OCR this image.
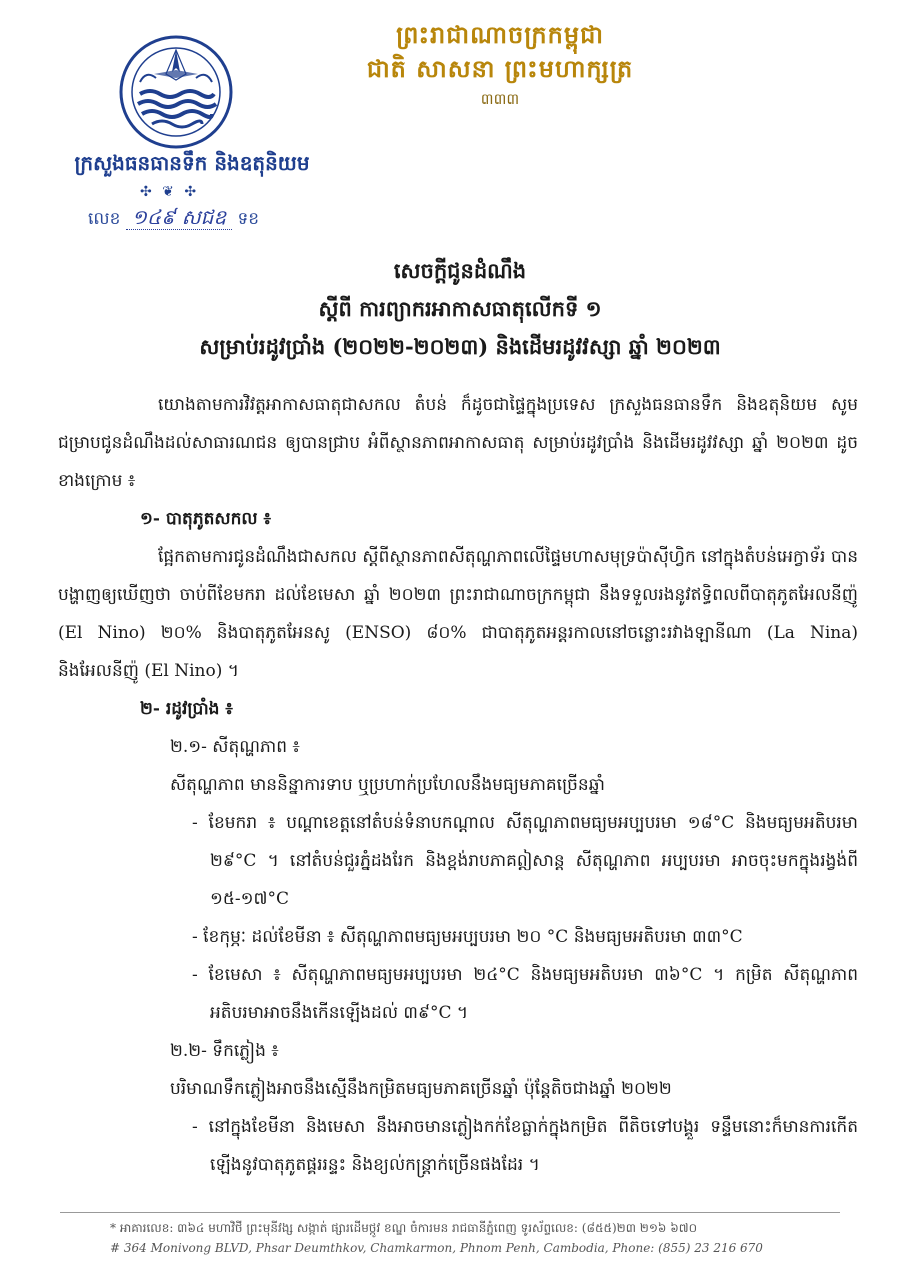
ព្រះរាជាណាចក្រកម្ពុជា
ជាតិ សាសនា ព្រះមហាក្សត្រ
៣៣៣
ក្រសួងធនធានទឹក និងឧតុនិយម
✣ ❦ ✣
លេខ ១៤៩ សជឧ ទខ
សេចក្តីជូនដំណឹង
ស្តីពី ការព្យាករអាកាសធាតុលើកទី ១
សម្រាប់រដូវប្រាំង (២០២២-២០២៣) និងដើមរដូវវស្សា ឆ្នាំ ២០២៣
យោងតាមការវិវត្តអាកាសធាតុជាសកល តំបន់ ក៏ដូចជាផ្ទៃក្នុងប្រទេស ក្រសួងធនធានទឹក និងឧតុនិយម សូមជម្រាបជូនដំណឹងដល់សាធារណជន ឲ្យបានជ្រាប អំពីស្ថានភាពអាកាសធាតុ សម្រាប់រដូវប្រាំង និងដើមរដូវវស្សា ឆ្នាំ ២០២៣ ដូចខាងក្រោម ៖
១- បាតុភូតសកល ៖
ផ្អែកតាមការជូនដំណឹងជាសកល ស្តីពីស្ថានភាពសីតុណ្ហភាពលើផ្ទៃមហាសមុទ្រប៉ាស៊ីហ្វិក នៅក្នុងតំបន់អេក្វាទ័រ បានបង្ហាញឲ្យឃើញថា ចាប់ពីខែមករា ដល់ខែមេសា ឆ្នាំ ២០២៣ ព្រះរាជាណាចក្រកម្ពុជា នឹងទទួលរងនូវឥទ្ធិពលពីបាតុភូតអែលនីញ៉ូ (El Nino) ២០% និងបាតុភូតអែនសូ (ENSO) ៨០% ជាបាតុភូតអន្តរកាលនៅចន្លោះរវាងឡានីណា (La Nina) និងអែលនីញ៉ូ (El Nino) ។
២- រដូវប្រាំង ៖
២.១- សីតុណ្ហភាព ៖
សីតុណ្ហភាព មាននិន្នាការទាប ឬប្រហាក់ប្រហែលនឹងមធ្យមភាគច្រើនឆ្នាំ
- ខែមករា ៖ បណ្តាខេត្តនៅតំបន់ទំនាបកណ្តាល សីតុណ្ហភាពមធ្យមអប្បបរមា ១៨°C និងមធ្យមអតិបរមា ២៩°C ។ នៅតំបន់ជួរភ្នំដងរែក និងខ្ពង់រាបភាគឦសាន្ត សីតុណ្ហភាព អប្បបរមា អាចចុះមកក្នុងរង្វង់ពី ១៥-១៧°C
- ខែកុម្ភៈ ដល់ខែមីនា ៖ សីតុណ្ហភាពមធ្យមអប្បបរមា ២០ °C និងមធ្យមអតិបរមា ៣៣°C
- ខែមេសា ៖ សីតុណ្ហភាពមធ្យមអប្បបរមា ២៤°C និងមធ្យមអតិបរមា ៣៦°C ។ កម្រិត សីតុណ្ហភាពអតិបរមាអាចនឹងកើនឡើងដល់ ៣៩°C ។
២.២- ទឹកភ្លៀង ៖
បរិមាណទឹកភ្លៀងអាចនឹងស្មើនឹងកម្រិតមធ្យមភាគច្រើនឆ្នាំ ប៉ុន្តែតិចជាងឆ្នាំ ២០២២
- នៅក្នុងខែមីនា និងមេសា នឹងអាចមានភ្លៀងកក់ខែធ្លាក់ក្នុងកម្រិត ពីតិចទៅបង្គួរ ទន្ទឹមនោះក៏មានការកើតឡើងនូវបាតុភូតផ្គររន្ទះ និងខ្យល់កន្ត្រាក់ច្រើនផងដែរ ។
* អាគារលេខ: ៣៦៤ មហាវិថី ព្រះមុនីវង្ស សង្កាត់ ផ្សារដើមថ្កូវ ខណ្ឌ ចំការមន រាជធានីភ្នំពេញ ទូរស័ព្ទលេខ: (៨៥៥)២៣ ២១៦ ៦៧០
# 364 Monivong BLVD, Phsar Deumthkov, Chamkarmon, Phnom Penh, Cambodia, Phone: (855) 23 216 670
